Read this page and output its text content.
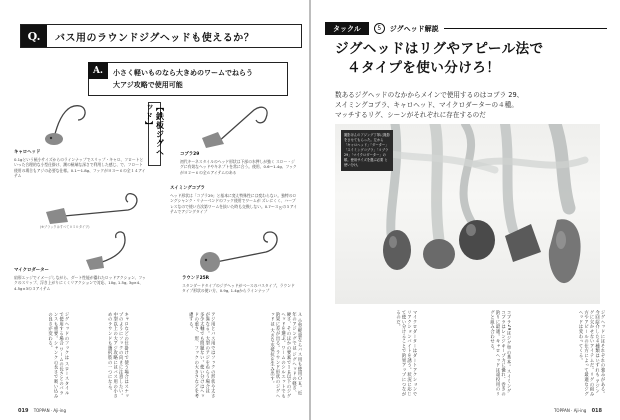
Q.	バス用のラウンドジグヘッドも使えるか？
A.	小さく軽いものなら大きめのワームでねらう
大アジ攻略で使用可能
【鉄板ジグヘッド】
キャロヘッド
0.1gという極小サイズからのラインナップでスリップ・キャロ、フロートといった合理的な小型仕掛け、潮の極端な深さで利用した感じ、で、フロート使用の場合もアジの必要な仕様。0.1〜1.8g、フックがヨ３〜６の全１４アイテム
コブラ29
初代キーネスタイルのヘッド形状は下部の水押しが強く スロー・ジグに有効なヘッドやキネプトを常に合う。使用、0.6〜1.4g、フックがヨ２〜６の全６アイテムのある
(※ブラックはすべて０５０タイプ)
スイミングコブラ
ヘッド形状は「コブラ29」と基本に変え特殊性には変わらない。独特のロングシャンク・リナーベンドのフック使用でワームが ズレにくく、ハーブレスなので使い方次第ワームを抜いた時も交換しない。0.7〜３ｇの５アイテムでアジングタイプ
マイクロダーター
扇形エッジでイメージしながら、ダート性能が優れたロッドアクション、フックのスリップ、浮き上がりにくくリアクションで対応、10g, 1.5g, 3g×4、4.5g×3の３アイテム
ラウンド25R
スタンダードタイプのジグヘッドがベースのバスタイプ。ラウンドタイプ形状の使い方、0.9g, 1.4gからラインナップ
Ａ 小型軽量ならバス用も使用ＯＫ。近年のアジングでは ジグヘッドの軽さ、硬さ、そのほかの要素で１ｇ以下のジグヘッドを選ぶ。ワームのシルエットでも 釣果に差が出る。ラウンド形状のジグヘッドは 大きな水抵抗を生み出す。
アジ用とバス用ではフックの形状や太さが異なる。大型のアジをねらう場合は 多少太軸でも問題ない。使い分けはヘッドの重さ、形、フックの大きさなどを考慮する。
キャロなどの仕掛けで使う場合はスナップのようにフックの向きに注意したい。中型以上の大アジ攻略にはバス用の小さめのラウンドも選択肢の一つになる。
ジグヘッドのフックは スロースタイルで使用する場合 ワームの長さとのバランスも重要。シャンクの長さで吸い込みの良さが変わる。
019 TOPPAN · Aji-ing
タックル	5	ジグヘッド解説
ジグヘッドはリグやアピール法で
４タイプを使い分けろ！
数あるジグヘッドのなかからメインで使用するのはコブラ 29、
スイミングコブラ、キャロヘッド、マイクロダーターの４種。
マッチするリグ、シーンがそれぞれに存在するのだ
撮影ほんのアジング丁寧に撮影をさせてもらった。左から「キャロヘッド」「ダーター」「スイミングコブラ」「コブラ29」「マイクロダーター」の順。使用サイズを選ぶ必要 と使い分け。
ジグヘッドにはそれぞれの強みがある。今回紹介した４種類はいずれも アジングに欠かせないアイテムだ。リグの組み方やアピールの仕方によって最適なジグヘッドは変わってくる。
コブラ29はジグ単の基本。スイミングコブラはレンジキープ力に優れ、巻きの釣りに最適。キャロヘッドは遠投用のリグと組み合わせる。
マイクロダーターはダートアクションで リアクションバイトを誘う。状況に応じて使い分けることで釣果アップにつながるのだ。
TOPPAN · Aji-ing 018
